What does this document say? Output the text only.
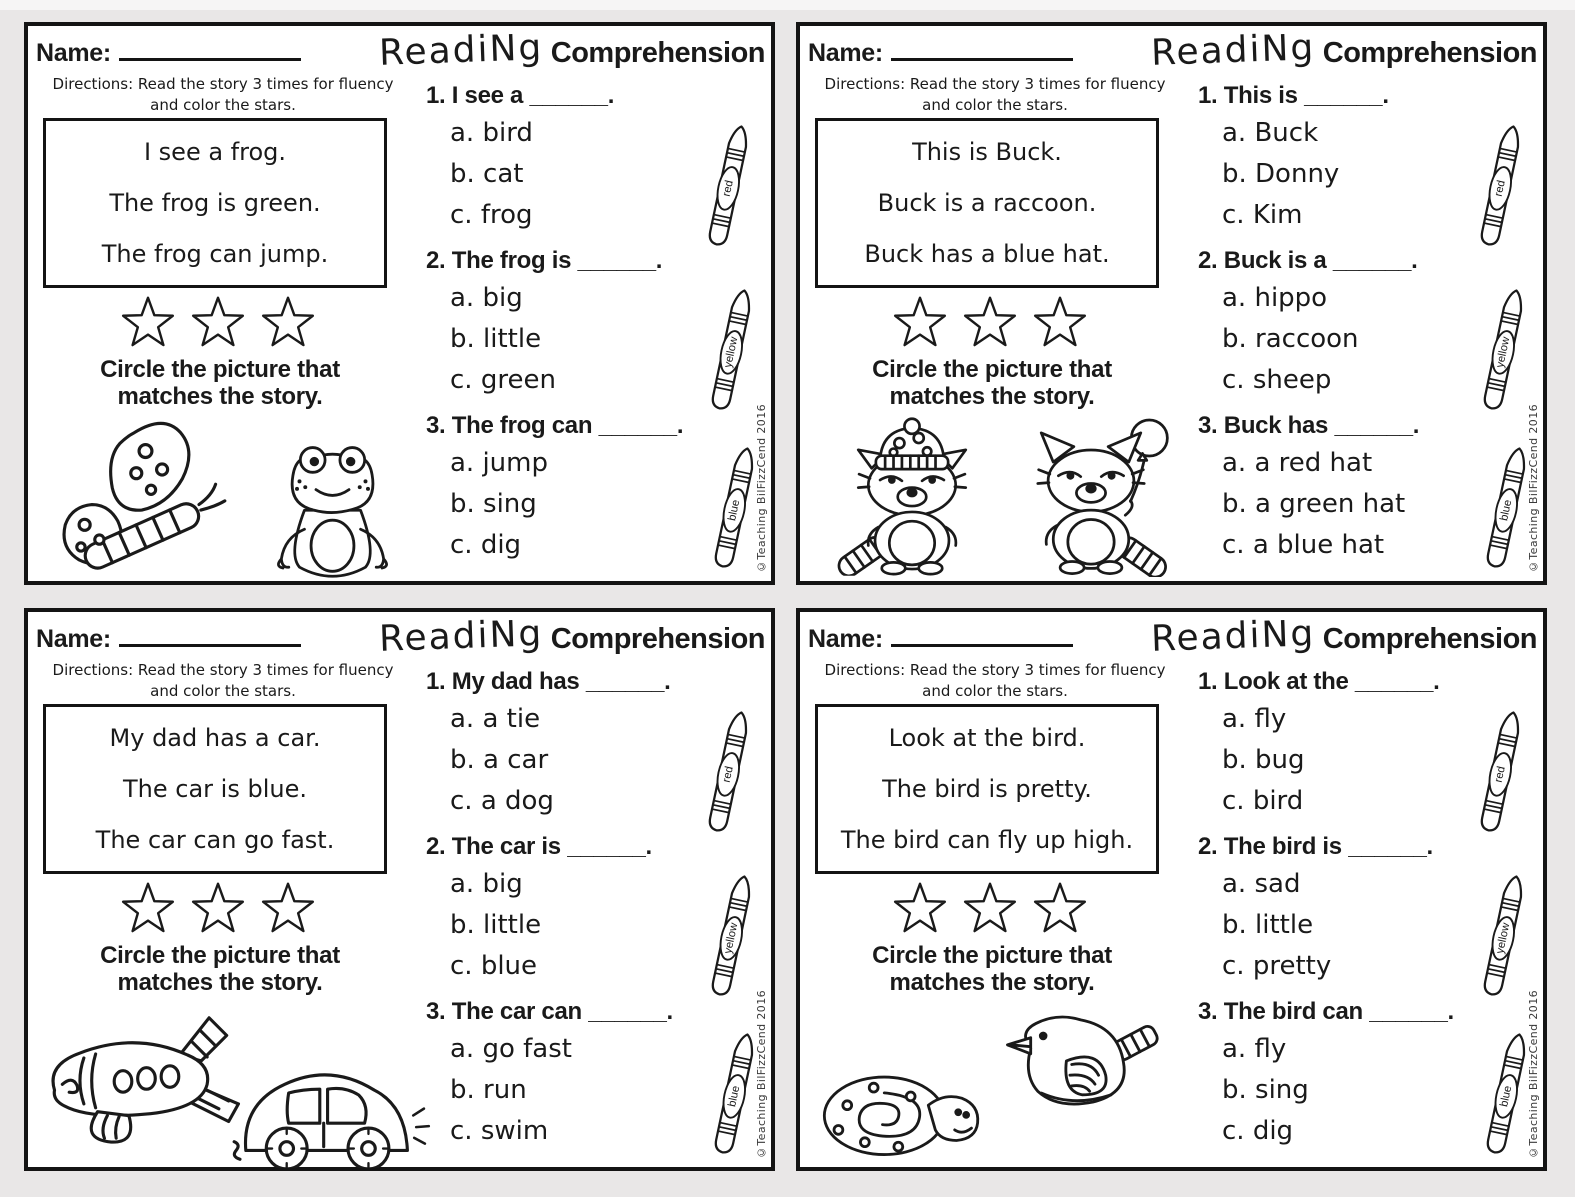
Name:	ReadiNg Comprehension
Directions: Read the story 3 times for fluency
and color the stars.
I see a frog.
The frog is green.
The frog can jump.
Circle the picture that
matches the story.
1. I see a ______.
a. bird
b. cat
c. frog
2. The frog is ______.
a. big
b. little
c. green
3. The frog can ______.
a. jump
b. sing
c. dig
red
yellow
blue ©Teaching BilFizzCend 2016
Name:	ReadiNg Comprehension
Directions: Read the story 3 times for fluency
and color the stars.
This is Buck.
Buck is a raccoon.
Buck has a blue hat.
Circle the picture that
matches the story.
1. This is ______.
a. Buck
b. Donny
c. Kim
2. Buck is a ______.
a. hippo
b. raccoon
c. sheep
3. Buck has ______.
a. a red hat
b. a green hat
c. a blue hat
red
yellow
blue ©Teaching BilFizzCend 2016
Name:	ReadiNg Comprehension
Directions: Read the story 3 times for fluency
and color the stars.
My dad has a car.
The car is blue.
The car can go fast.
Circle the picture that
matches the story.
1. My dad has ______.
a. a tie
b. a car
c. a dog
2. The car is ______.
a. big
b. little
c. blue
3. The car can ______.
a. go fast
b. run
c. swim
red
yellow
blue ©Teaching BilFizzCend 2016
Name:	ReadiNg Comprehension
Directions: Read the story 3 times for fluency
and color the stars.
Look at the bird.
The bird is pretty.
The bird can fly up high.
Circle the picture that
matches the story.
1. Look at the ______.
a. fly
b. bug
c. bird
2. The bird is ______.
a. sad
b. little
c. pretty
3. The bird can ______.
a. fly
b. sing
c. dig
red
yellow
blue ©Teaching BilFizzCend 2016
